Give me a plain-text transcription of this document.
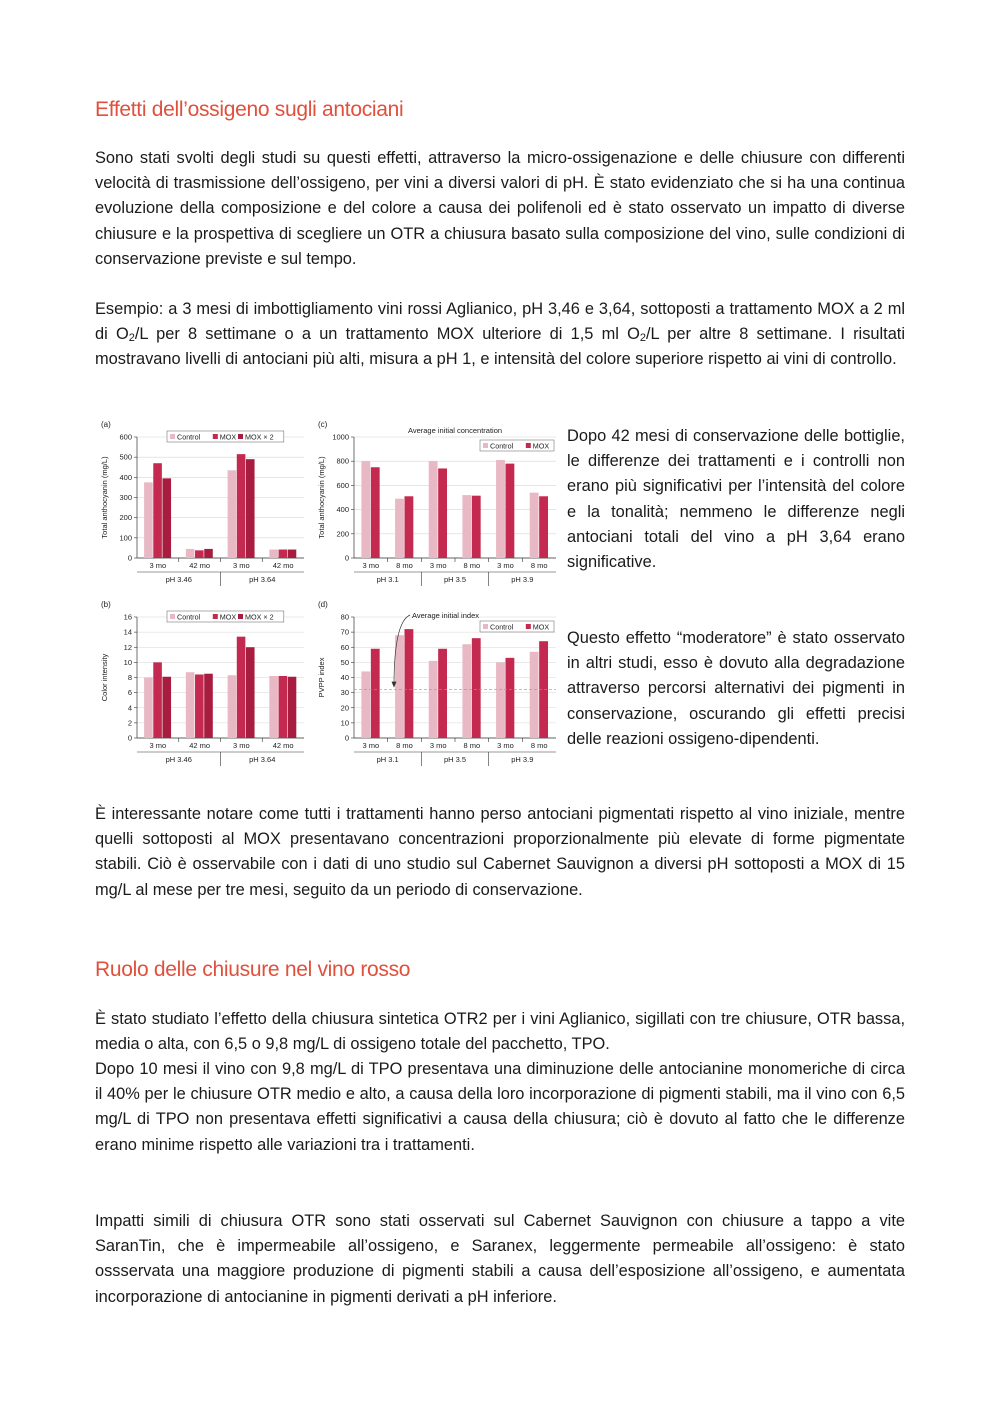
Effetti dell’ossigeno sugli antociani

Sono stati svolti degli studi su questi effetti, attraverso la micro-ossigenazione e delle chiusure con differenti velocità di trasmissione dell’ossigeno, per vini a diversi valori di pH. È stato evidenziato che si ha una continua evoluzione della composizione e del colore a causa dei polifenoli ed è stato osservato un impatto di diverse chiusure e la prospettiva di scegliere un OTR a chiusura basato sulla composizione del vino, sulle condizioni di conservazione previste e sul tempo.

Esempio: a 3 mesi di imbottigliamento vini rossi Aglianico, pH 3,46 e 3,64, sottoposti a trattamento MOX a 2 ml di $O_2/L$ per 8 settimane o a un trattamento MOX ulteriore di 1,5 ml $O_2/L$ per altre 8 settimane. I risultati mostravano livelli di antociani più alti, misura a pH 1, e intensità del colore superiore rispetto ai vini di controllo.

(a)
Total anthocyanin (mg/L)
0
100
200
300
400
500
600
3 mo	42 mo	3 mo	42 mo
pH 3.46	pH 3.64
Control	MOX MOX × 2
(c)
Total anthocyanin (mg/L)
0
200
400
600
800
1000
3 mo 8 mo 3 mo 8 mo 3 mo 8 mo
pH 3.1	pH 3.5	pH 3.9
Average initial concentration
Control	MOX
(b)
Color intensity
0
2
4
6
8
10
12
14
16
3 mo	42 mo	3 mo	42 mo
pH 3.46	pH 3.64
Control	MOX MOX × 2
(d)
PVPP index
0
10
20
30
40
50
60
70
80
3 mo 8 mo 3 mo 8 mo 3 mo 8 mo
pH 3.1	pH 3.5	pH 3.9
Average initial index
Control	MOX

Dopo 42 mesi di conservazione delle bottiglie, le differenze dei trattamenti e i controlli non erano più significativi per l’intensità del colore e la tonalità; nemmeno le differenze negli antociani totali del vino a pH 3,64 erano significative.

Questo effetto “moderatore” è stato osservato in altri studi, esso è dovuto alla degradazione attraverso percorsi alternativi dei pigmenti in conservazione, oscurando gli effetti precisi delle reazioni ossigeno-dipendenti.

È interessante notare come tutti i trattamenti hanno perso antociani pigmentati rispetto al vino iniziale, mentre quelli sottoposti al MOX presentavano concentrazioni proporzionalmente più elevate di forme pigmentate stabili. Ciò è osservabile con i dati di uno studio sul Cabernet Sauvignon a diversi pH sottoposti a MOX di 15 mg/L al mese per tre mesi, seguito da un periodo di conservazione.

Ruolo delle chiusure nel vino rosso

È stato studiato l’effetto della chiusura sintetica OTR2 per i vini Aglianico, sigillati con tre chiusure, OTR bassa, media o alta, con 6,5 o 9,8 mg/L di ossigeno totale del pacchetto, TPO.

Dopo 10 mesi il vino con 9,8 mg/L di TPO presentava una diminuzione delle antocianine monomeriche di circa il 40% per le chiusure OTR medio e alto, a causa della loro incorporazione di pigmenti stabili, ma il vino con 6,5 mg/L di TPO non presentava effetti significativi a causa della chiusura; ciò è dovuto al fatto che le differenze erano minime rispetto alle variazioni tra i trattamenti.

Impatti simili di chiusura OTR sono stati osservati sul Cabernet Sauvignon con chiusure a tappo a vite SaranTin, che è impermeabile all’ossigeno, e Saranex, leggermente permeabile all’ossigeno: è stato ossservata una maggiore produzione di pigmenti stabili a causa dell’esposizione all’ossigeno, e aumentata incorporazione di antocianine in pigmenti derivati a pH inferiore.
